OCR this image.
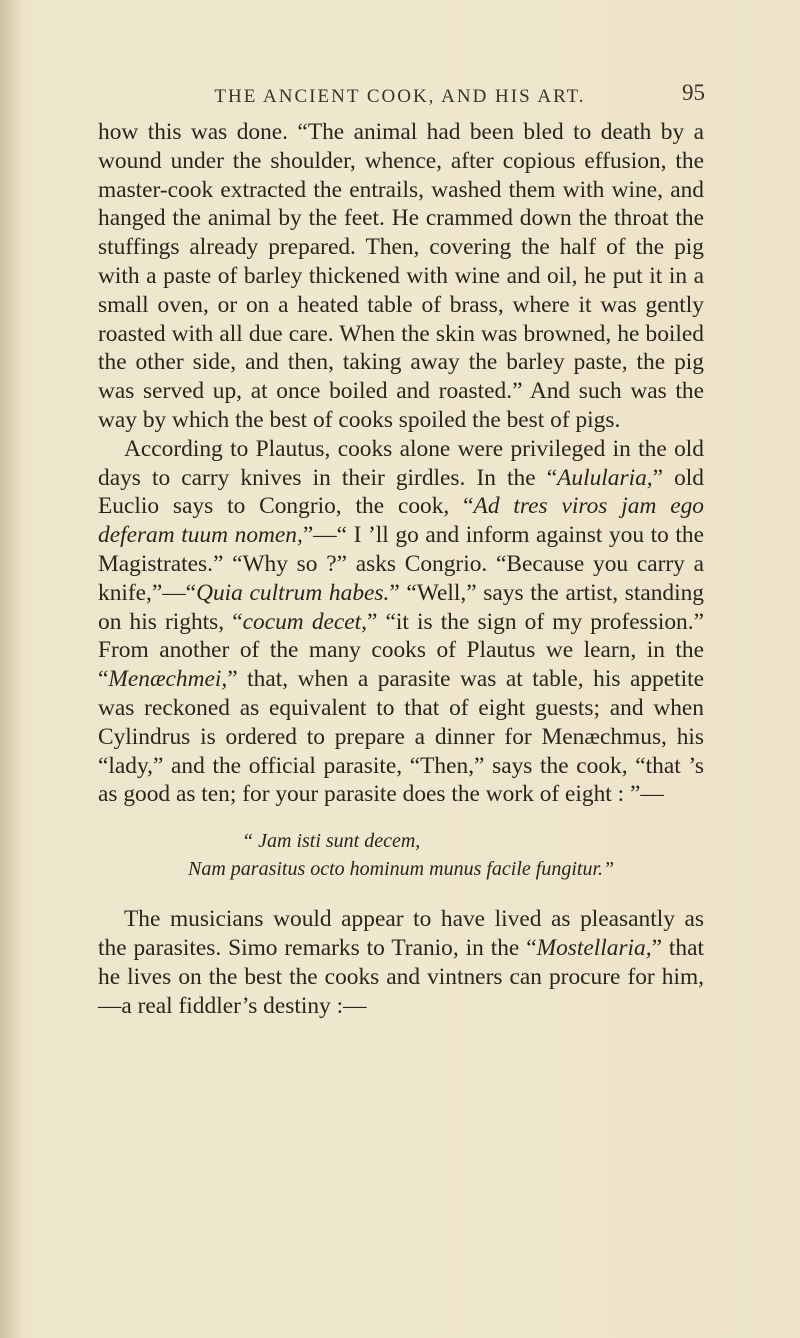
THE ANCIENT COOK, AND HIS ART.	95

how this was done. “The animal had been bled to death by a wound under the shoulder, whence, after copious effusion, the master-cook extracted the entrails, washed them with wine, and hanged the animal by the feet. He crammed down the throat the stuffings already prepared. Then, covering the half of the pig with a paste of barley thickened with wine and oil, he put it in a small oven, or on a heated table of brass, where it was gently roasted with all due care. When the skin was browned, he boiled the other side, and then, taking away the barley paste, the pig was served up, at once boiled and roasted.” And such was the way by which the best of cooks spoiled the best of pigs.

According to Plautus, cooks alone were privileged in the old days to carry knives in their girdles. In the “Aulularia,” old Euclio says to Congrio, the cook, “Ad tres viros jam ego deferam tuum nomen,”—“ I ’ll go and inform against you to the Magistrates.” “Why so ?” asks Congrio. “Because you carry a knife,”—“Quia cultrum habes.” “Well,” says the artist, standing on his rights, “cocum decet,” “it is the sign of my profession.” From another of the many cooks of Plautus we learn, in the “Menæchmei,” that, when a parasite was at table, his appetite was reckoned as equivalent to that of eight guests; and when Cylindrus is ordered to prepare a dinner for Menæchmus, his “lady,” and the official parasite, “Then,” says the cook, “that ’s as good as ten; for your parasite does the work of eight : ”—

“ Jam isti sunt decem,
Nam parasitus octo hominum munus facile fungitur.”

The musicians would appear to have lived as pleasantly as the parasites. Simo remarks to Tranio, in the “Mostellaria,” that he lives on the best the cooks and vintners can procure for him,—a real fiddler’s destiny :—
